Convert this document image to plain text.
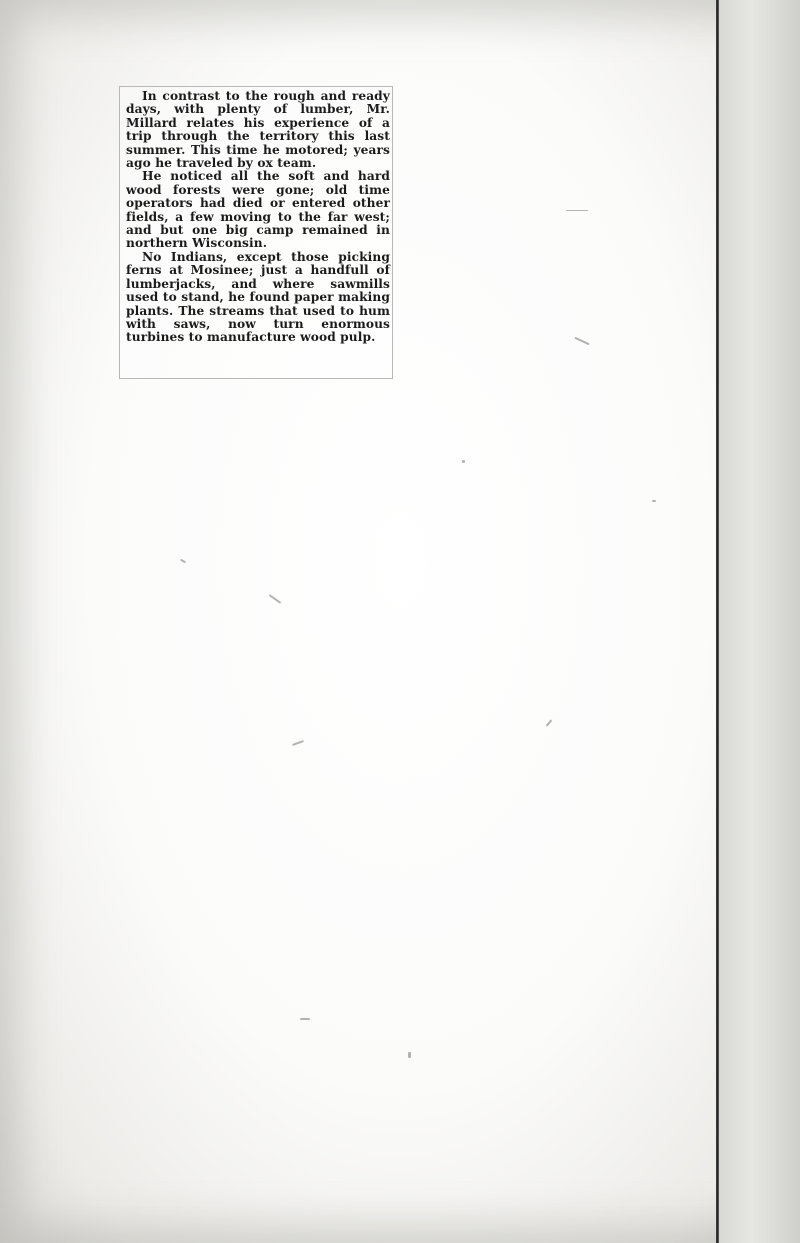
In contrast to the rough and ready days, with plenty of lumber, Mr. Millard relates his experience of a trip through the territory this last summer. This time he motored; years ago he traveled by ox team.

He noticed all the soft and hard wood forests were gone; old time operators had died or entered other fields, a few moving to the far west; and but one big camp remained in northern Wisconsin.

No Indians, except those picking ferns at Mosinee; just a handfull of lumberjacks, and where sawmills used to stand, he found paper making plants. The streams that used to hum with saws, now turn enormous turbines to manufacture wood pulp.
